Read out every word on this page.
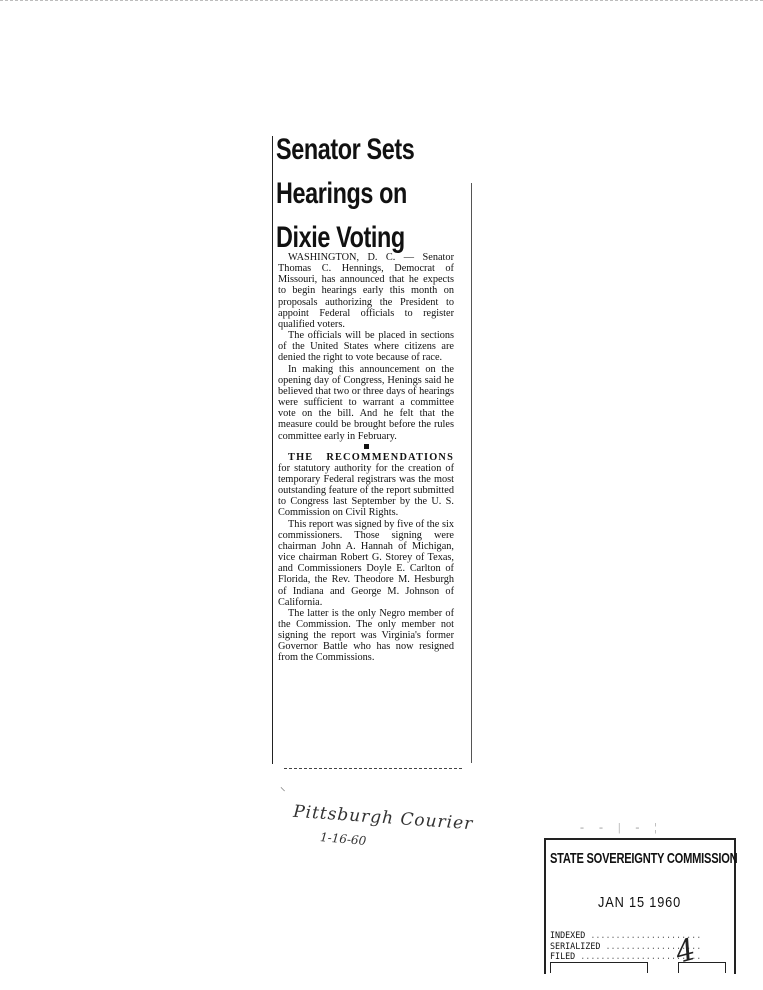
Senator Sets
Hearings on
Dixie Voting

WASHINGTON, D. C. — Senator Thomas C. Hennings, Democrat of Missouri, has announced that he expects to begin hearings early this month on proposals authorizing the President to appoint Federal officials to register qualified voters.

The officials will be placed in sections of the United States where citizens are denied the right to vote because of race.

In making this announcement on the opening day of Congress, Henings said he believed that two or three days of hearings were sufficient to warrant a committee vote on the bill. And he felt that the measure could be brought before the rules committee early in February.

THE RECOMMENDATIONS for statutory authority for the creation of temporary Federal registrars was the most outstanding feature of the report submitted to Congress last September by the U. S. Commission on Civil Rights.

This report was signed by five of the six commissioners. Those signing were chairman John A. Hannah of Michigan, vice chairman Robert G. Storey of Texas, and Commissioners Doyle E. Carlton of Florida, the Rev. Theodore M. Hesburgh of Indiana and George M. Johnson of California.

The latter is the only Negro member of the Commission. The only member not signing the report was Virginia's former Governor Battle who has now resigned from the Commissions.

⸌
Pittsburgh Courier
1-16-60
- - | - ¦
STATE SOVEREIGNTY COMMISSION
JAN 15 1960
INDEXED ......................
SERIALIZED ...................
FILED ........................
4
